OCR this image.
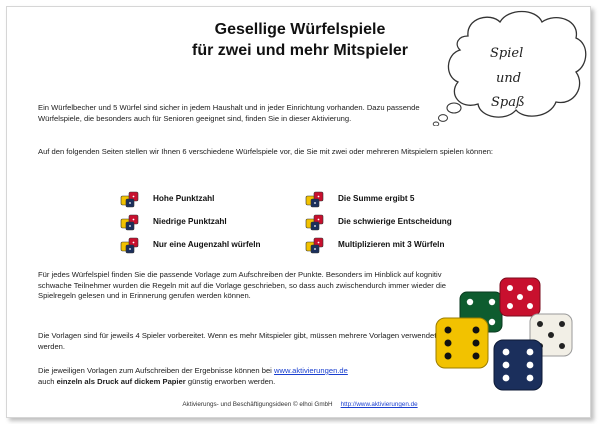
Gesellige Würfelspiele
für zwei und mehr Mitspieler	Spiel
und
Spaß
Ein Würfelbecher und 5 Würfel sind sicher in jedem Haushalt und in jeder Einrichtung vorhanden. Dazu passende Würfelspiele, die besonders auch für Senioren geeignet sind, finden Sie in dieser Aktivierung.
Auf den folgenden Seiten stellen wir Ihnen 6 verschiedene Würfelspiele vor, die Sie mit zwei oder mehreren Mitspielern spielen können:
Hohe Punktzahl
Niedrige Punktzahl
Nur eine Augenzahl würfeln
Die Summe ergibt 5
Die schwierige Entscheidung
Multiplizieren mit 3 Würfeln
Für jedes Würfelspiel finden Sie die passende Vorlage zum Aufschreiben der Punkte. Besonders im Hinblick auf kognitiv schwache Teilnehmer wurden die Regeln mit auf die Vorlage geschrieben, so dass auch zwischendurch immer wieder die Spielregeln gelesen und in Erinnerung gerufen werden können.
Die Vorlagen sind für jeweils 4 Spieler vorbereitet. Wenn es mehr Mitspieler gibt, müssen mehrere Vorlagen verwendet werden.
Die jeweiligen Vorlagen zum Aufschreiben der Ergebnisse können bei www.aktivierungen.de
auch einzeln als Druck auf dickem Papier günstig erworben werden.
Aktivierungs- und Beschäftigungsideen © elhoi GmbH http://www.aktivierungen.de
